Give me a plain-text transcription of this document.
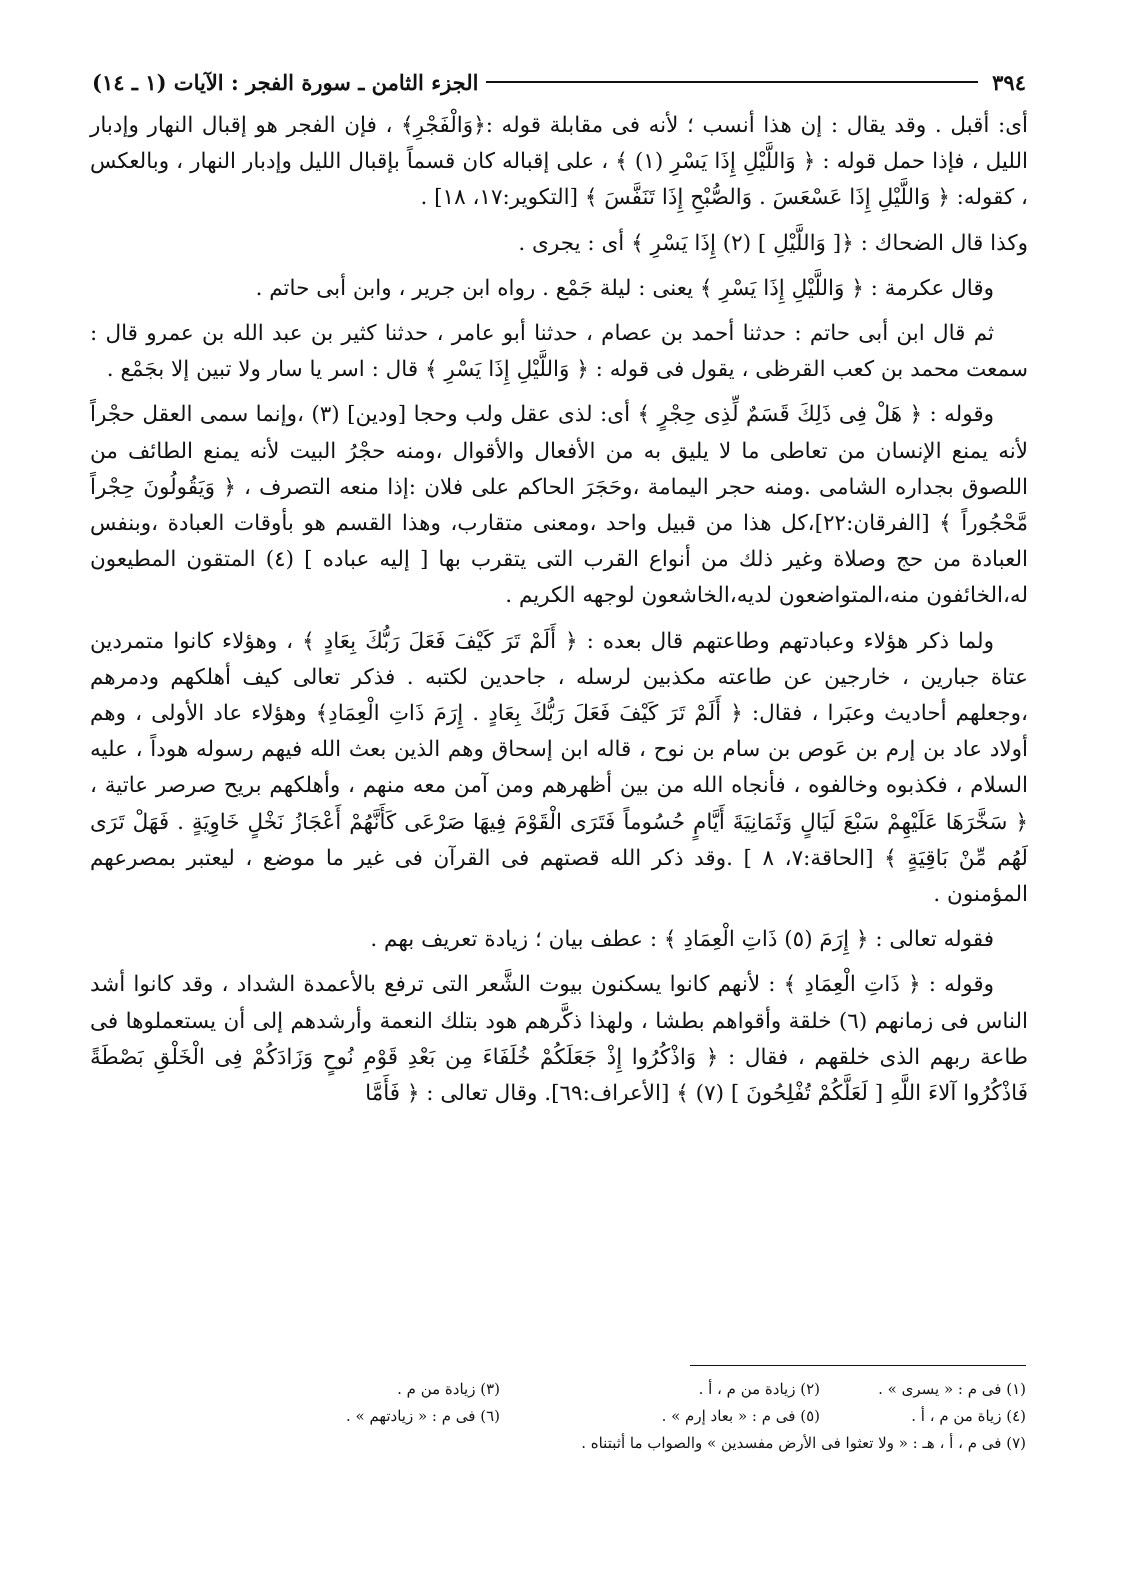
٣٩٤
الجزء الثامن ـ سورة الفجر : الآيات (١ ـ ١٤)

أى: أقبل . وقد يقال : إن هذا أنسب ؛ لأنه فى مقابلة قوله :﴿وَالْفَجْرِ﴾ ، فإن الفجر هو إقبال النهار وإدبار الليل ، فإذا حمل قوله : ﴿ وَاللَّيْلِ إِذَا يَسْرِ (١) ﴾ ، على إقباله كان قسماً بإقبال الليل وإدبار النهار ، وبالعكس ، كقوله: ﴿ وَاللَّيْلِ إِذَا عَسْعَسَ . وَالصُّبْحِ إِذَا تَنَفَّسَ ﴾ [التكوير:١٧، ١٨] .

وكذا قال الضحاك : ﴿[ وَاللَّيْلِ ] (٢) إِذَا يَسْرِ ﴾ أى : يجرى .

وقال عكرمة : ﴿ وَاللَّيْلِ إِذَا يَسْرِ ﴾ يعنى : ليلة جَمْع . رواه ابن جرير ، وابن أبى حاتم .

ثم قال ابن أبى حاتم : حدثنا أحمد بن عصام ، حدثنا أبو عامر ، حدثنا كثير بن عبد الله بن عمرو قال : سمعت محمد بن كعب القرظى ، يقول فى قوله : ﴿ وَاللَّيْلِ إِذَا يَسْرِ ﴾ قال : اسر يا سار ولا تبين إلا بجَمْع .

وقوله : ﴿ هَلْ فِى ذَلِكَ قَسَمٌ لِّذِى حِجْرٍ ﴾ أى: لذى عقل ولب وحجا [ودين] (٣) ،وإنما سمى العقل حجْراً لأنه يمنع الإنسان من تعاطى ما لا يليق به من الأفعال والأقوال ،ومنه حجْرُ البيت لأنه يمنع الطائف من اللصوق بجداره الشامى .ومنه حجر اليمامة ،وحَجَرَ الحاكم على فلان :إذا منعه التصرف ، ﴿ وَيَقُولُونَ حِجْراً مَّحْجُوراً ﴾ [الفرقان:٢٢]،كل هذا من قبيل واحد ،ومعنى متقارب، وهذا القسم هو بأوقات العبادة ،وبنفس العبادة من حج وصلاة وغير ذلك من أنواع القرب التى يتقرب بها [ إليه عباده ] (٤) المتقون المطيعون له،الخائفون منه،المتواضعون لديه،الخاشعون لوجهه الكريم .

ولما ذكر هؤلاء وعبادتهم وطاعتهم قال بعده : ﴿ أَلَمْ تَرَ كَيْفَ فَعَلَ رَبُّكَ بِعَادٍ ﴾ ، وهؤلاء كانوا متمردين عتاة جبارين ، خارجين عن طاعته مكذبين لرسله ، جاحدين لكتبه . فذكر تعالى كيف أهلكهم ودمرهم ،وجعلهم أحاديث وعبَرا ، فقال: ﴿ أَلَمْ تَرَ كَيْفَ فَعَلَ رَبُّكَ بِعَادٍ . إِرَمَ ذَاتِ الْعِمَادِ﴾ وهؤلاء عاد الأولى ، وهم أولاد عاد بن إرم بن عَوص بن سام بن نوح ، قاله ابن إسحاق وهم الذين بعث الله فيهم رسوله هوداً ، عليه السلام ، فكذبوه وخالفوه ، فأنجاه الله من بين أظهرهم ومن آمن معه منهم ، وأهلكهم بريح صرصر عاتية ، ﴿ سَخَّرَهَا عَلَيْهِمْ سَبْعَ لَيَالٍ وَثَمَانِيَةَ أَيَّامٍ حُسُوماً فَتَرَى الْقَوْمَ فِيهَا صَرْعَى كَأَنَّهُمْ أَعْجَازُ نَخْلٍ خَاوِيَةٍ . فَهَلْ تَرَى لَهُم مِّنْ بَاقِيَةٍ ﴾ [الحاقة:٧، ٨ ] .وقد ذكر الله قصتهم فى القرآن فى غير ما موضع ، ليعتبر بمصرعهم المؤمنون .

فقوله تعالى : ﴿ إِرَمَ (٥) ذَاتِ الْعِمَادِ ﴾ : عطف بيان ؛ زيادة تعريف بهم .

وقوله : ﴿ ذَاتِ الْعِمَادِ ﴾ : لأنهم كانوا يسكنون بيوت الشَّعر التى ترفع بالأعمدة الشداد ، وقد كانوا أشد الناس فى زمانهم (٦) خلقة وأقواهم بطشا ، ولهذا ذكَّرهم هود بتلك النعمة وأرشدهم إلى أن يستعملوها فى طاعة ربهم الذى خلقهم ، فقال : ﴿ وَاذْكُرُوا إِذْ جَعَلَكُمْ خُلَفَاءَ مِن بَعْدِ قَوْمِ نُوحٍ وَزَادَكُمْ فِى الْخَلْقِ بَصْطَةً فَاذْكُرُوا آلاءَ اللَّهِ [ لَعَلَّكُمْ تُفْلِحُونَ ] (٧) ﴾ [الأعراف:٦٩]. وقال تعالى : ﴿ فَأَمَّا

(١) فى م : « يسرى » .
(٢) زيادة من م ، أ .
(٣) زيادة من م .
(٤) زياة من م ، أ .
(٥) فى م : « بعاد إرم » .
(٦) فى م : « زيادتهم » .
(٧) فى م ، أ ، هـ : « ولا تعثوا فى الأرض مفسدين » والصواب ما أثبتناه .
